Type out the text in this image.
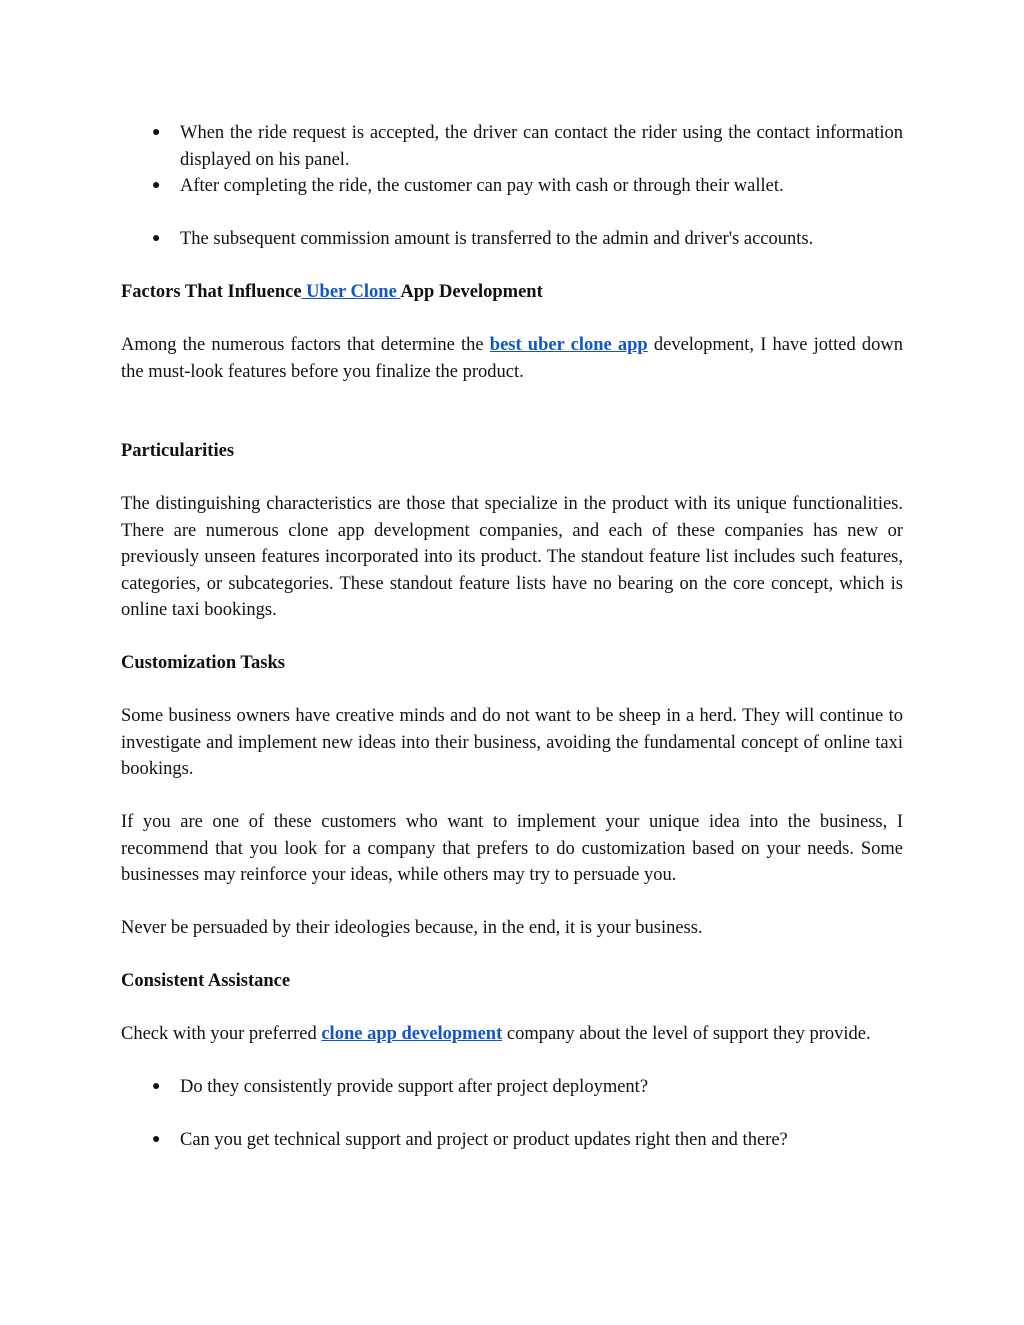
● When the ride request is accepted, the driver can contact the rider using the contact information displayed on his panel.
● After completing the ride, the customer can pay with cash or through their wallet.
● The subsequent commission amount is transferred to the admin and driver's accounts.

Factors That Influence Uber Clone App Development

Among the numerous factors that determine the best uber clone app development, I have jotted down the must-look features before you finalize the product.

Particularities

The distinguishing characteristics are those that specialize in the product with its unique functionalities. There are numerous clone app development companies, and each of these companies has new or previously unseen features incorporated into its product. The standout feature list includes such features, categories, or subcategories. These standout feature lists have no bearing on the core concept, which is online taxi bookings.

Customization Tasks

Some business owners have creative minds and do not want to be sheep in a herd. They will continue to investigate and implement new ideas into their business, avoiding the fundamental concept of online taxi bookings.

If you are one of these customers who want to implement your unique idea into the business, I recommend that you look for a company that prefers to do customization based on your needs. Some businesses may reinforce your ideas, while others may try to persuade you.

Never be persuaded by their ideologies because, in the end, it is your business.

Consistent Assistance

Check with your preferred clone app development company about the level of support they provide.

● Do they consistently provide support after project deployment?
● Can you get technical support and project or product updates right then and there?
